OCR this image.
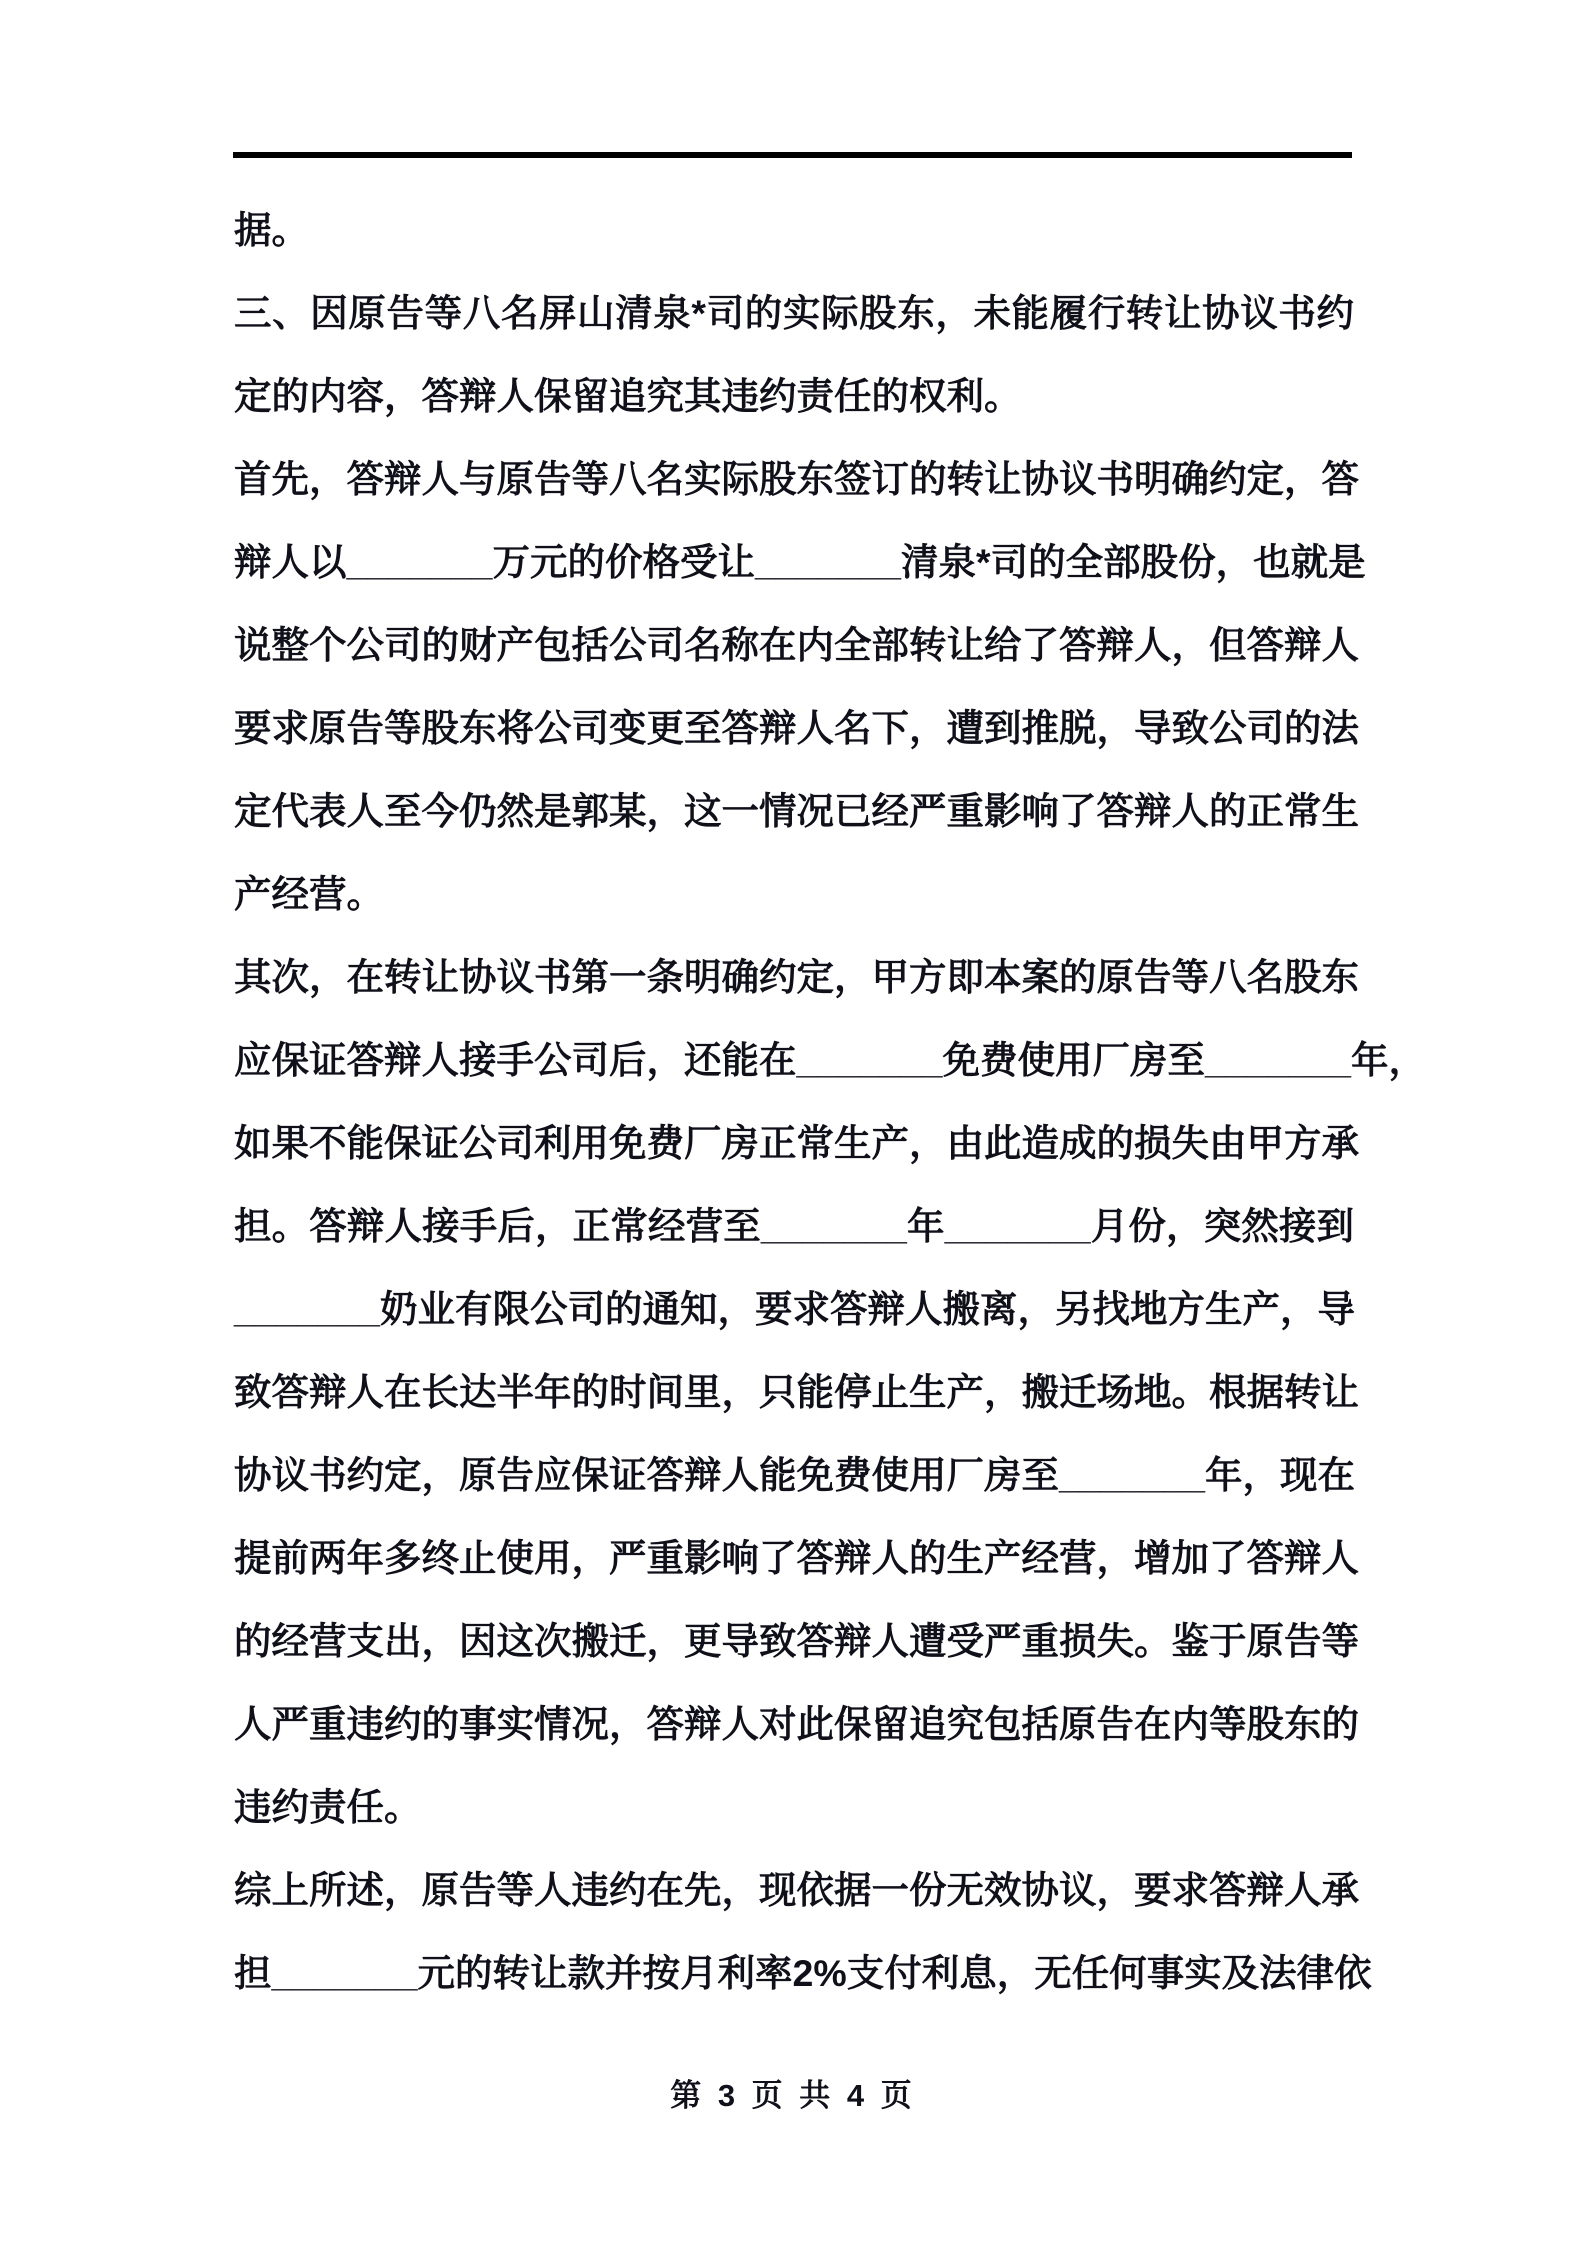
据。
三、因原告等八名屏山清泉*司的实际股东，未能履行转让协议书约
定的内容，答辩人保留追究其违约责任的权利。
首先，答辩人与原告等八名实际股东签订的转让协议书明确约定，答
辩人以_______万元的价格受让_______清泉*司的全部股份，也就是
说整个公司的财产包括公司名称在内全部转让给了答辩人，但答辩人
要求原告等股东将公司变更至答辩人名下，遭到推脱，导致公司的法
定代表人至今仍然是郭某，这一情况已经严重影响了答辩人的正常生
产经营。
其次，在转让协议书第一条明确约定，甲方即本案的原告等八名股东
应保证答辩人接手公司后，还能在_______免费使用厂房至_______年，
如果不能保证公司利用免费厂房正常生产，由此造成的损失由甲方承
担。答辩人接手后，正常经营至_______年_______月份，突然接到
_______奶业有限公司的通知，要求答辩人搬离，另找地方生产，导
致答辩人在长达半年的时间里，只能停止生产，搬迁场地。根据转让
协议书约定，原告应保证答辩人能免费使用厂房至_______年，现在
提前两年多终止使用，严重影响了答辩人的生产经营，增加了答辩人
的经营支出，因这次搬迁，更导致答辩人遭受严重损失。鉴于原告等
人严重违约的事实情况，答辩人对此保留追究包括原告在内等股东的
违约责任。
综上所述，原告等人违约在先，现依据一份无效协议，要求答辩人承
担_______元的转让款并按月利率2%支付利息，无任何事实及法律依
第 3 页 共 4 页
